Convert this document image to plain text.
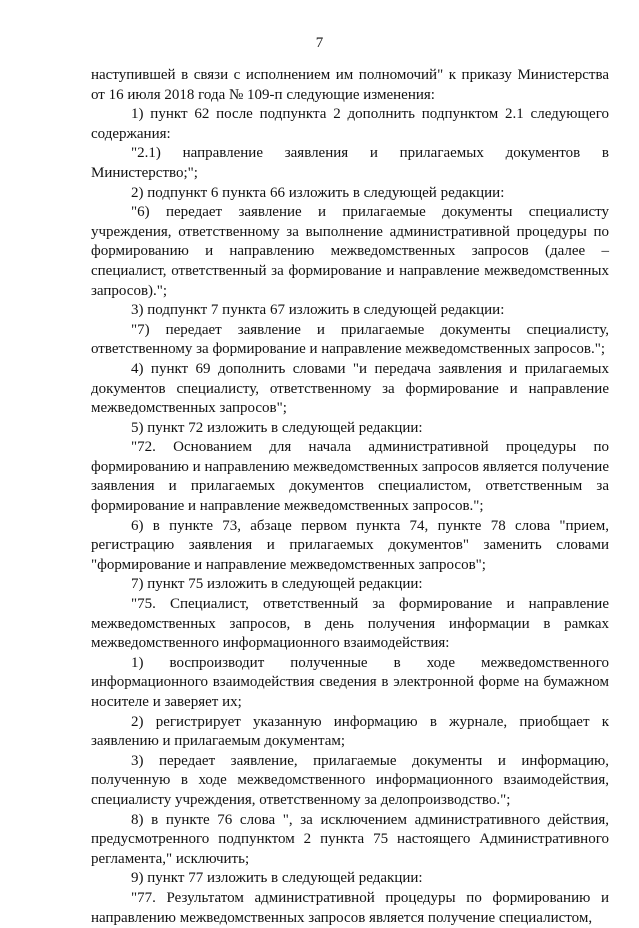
7

наступившей в связи с исполнением им полномочий" к приказу Министерства от 16 июля 2018 года № 109-п следующие изменения:

1) пункт 62 после подпункта 2 дополнить подпунктом 2.1 следующего содержания:

"2.1) направление заявления и прилагаемых документов в Министерство;";

2) подпункт 6 пункта 66 изложить в следующей редакции:

"6) передает заявление и прилагаемые документы специалисту учреждения, ответственному за выполнение административной процедуры по формированию и направлению межведомственных запросов (далее – специалист, ответственный за формирование и направление межведомственных запросов).";

3) подпункт 7 пункта 67 изложить в следующей редакции:

"7) передает заявление и прилагаемые документы специалисту, ответственному за формирование и направление межведомственных запросов.";

4) пункт 69 дополнить словами "и передача заявления и прилагаемых документов специалисту, ответственному за формирование и направление межведомственных запросов";

5) пункт 72 изложить в следующей редакции:

"72. Основанием для начала административной процедуры по формированию и направлению межведомственных запросов является получение заявления и прилагаемых документов специалистом, ответственным за формирование и направление межведомственных запросов.";

6) в пункте 73, абзаце первом пункта 74, пункте 78 слова "прием, регистрацию заявления и прилагаемых документов" заменить словами "формирование и направление межведомственных запросов";

7) пункт 75 изложить в следующей редакции:

"75. Специалист, ответственный за формирование и направление межведомственных запросов, в день получения информации в рамках межведомственного информационного взаимодействия:

1) воспроизводит полученные в ходе межведомственного информационного взаимодействия сведения в электронной форме на бумажном носителе и заверяет их;

2) регистрирует указанную информацию в журнале, приобщает к заявлению и прилагаемым документам;

3) передает заявление, прилагаемые документы и информацию, полученную в ходе межведомственного информационного взаимодействия, специалисту учреждения, ответственному за делопроизводство.";

8) в пункте 76 слова ", за исключением административного действия, предусмотренного подпунктом 2 пункта 75 настоящего Административного регламента," исключить;

9) пункт 77 изложить в следующей редакции:

"77. Результатом административной процедуры по формированию и направлению межведомственных запросов является получение специалистом,
